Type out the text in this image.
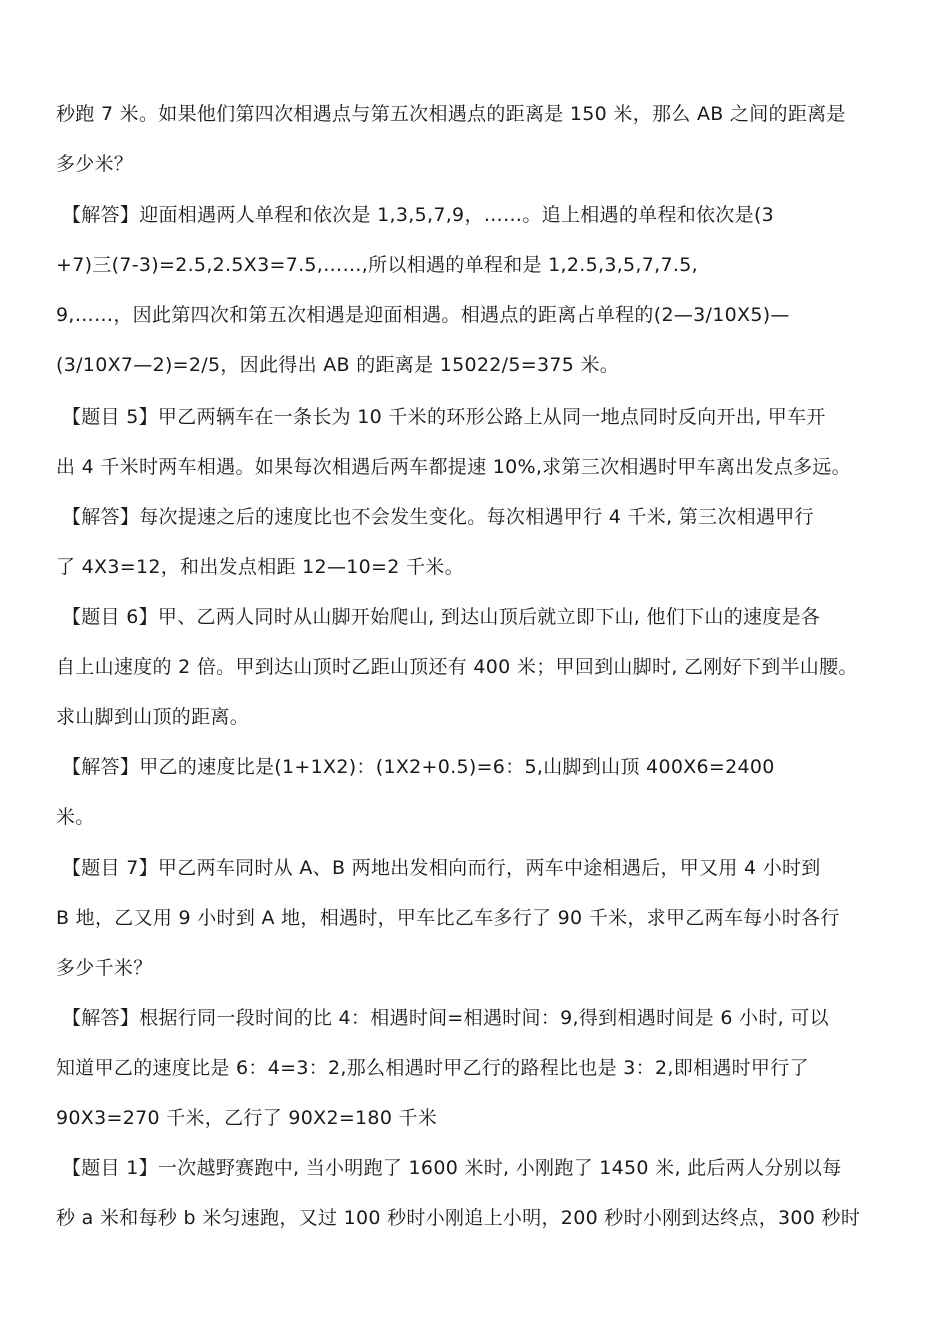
秒跑 7 米。如果他们第四次相遇点与第五次相遇点的距离是 150 米，那么 AB 之间的距离是
多少米？
【解答】迎面相遇两人单程和依次是 1,3,5,7,9，……。追上相遇的单程和依次是(3
+7)三(7-3)=2.5,2.5X3=7.5,……,所以相遇的单程和是 1,2.5,3,5,7,7.5,
9,……，因此第四次和第五次相遇是迎面相遇。相遇点的距离占单程的(2—3/10X5)—
(3/10X7—2)=2/5，因此得出 AB 的距离是 15022/5=375 米。
【题目 5】甲乙两辆车在一条长为 10 千米的环形公路上从同一地点同时反向开出, 甲车开
出 4 千米时两车相遇。如果每次相遇后两车都提速 10%,求第三次相遇时甲车离出发点多远。
【解答】每次提速之后的速度比也不会发生变化。每次相遇甲行 4 千米, 第三次相遇甲行
了 4X3=12，和出发点相距 12—10=2 千米。
【题目 6】甲、乙两人同时从山脚开始爬山, 到达山顶后就立即下山, 他们下山的速度是各
自上山速度的 2 倍。甲到达山顶时乙距山顶还有 400 米；甲回到山脚时, 乙刚好下到半山腰。
求山脚到山顶的距离。
【解答】甲乙的速度比是(1+1X2)：(1X2+0.5)=6：5,山脚到山顶 400X6=2400
米。
【题目 7】甲乙两车同时从 A、B 两地出发相向而行，两车中途相遇后，甲又用 4 小时到
B 地，乙又用 9 小时到 A 地，相遇时，甲车比乙车多行了 90 千米，求甲乙两车每小时各行
多少千米？
【解答】根据行同一段时间的比 4：相遇时间=相遇时间：9,得到相遇时间是 6 小时, 可以
知道甲乙的速度比是 6：4=3：2,那么相遇时甲乙行的路程比也是 3：2,即相遇时甲行了
90X3=270 千米，乙行了 90X2=180 千米
【题目 1】一次越野赛跑中, 当小明跑了 1600 米时, 小刚跑了 1450 米, 此后两人分别以每
秒 a 米和每秒 b 米匀速跑，又过 100 秒时小刚追上小明，200 秒时小刚到达终点，300 秒时
